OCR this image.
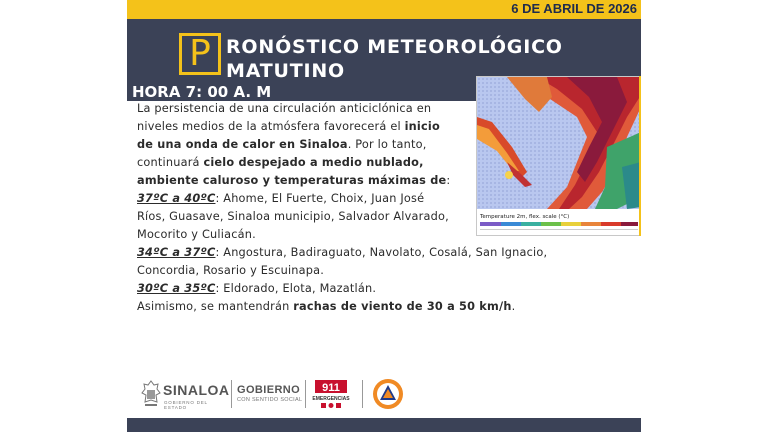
6 DE ABRIL DE 2026
P RONÓSTICO METEOROLÓGICO
MATUTINO
HORA 7: 00 A. M
Temperature 2m, flex. scale (°C)
La persistencia de una circulación anticiclónica en
niveles medios de la atmósfera favorecerá el inicio
de una onda de calor en Sinaloa. Por lo tanto,
continuará cielo despejado a medio nublado,
ambiente caluroso y temperaturas máximas de:
37ºC a 40ºC: Ahome, El Fuerte, Choix, Juan José
Ríos, Guasave, Sinaloa municipio, Salvador Alvarado,
Mocorito y Culiacán.
34ºC a 37ºC: Angostura, Badiraguato, Navolato, Cosalá, San Ignacio,
Concordia, Rosario y Escuinapa.
30ºC a 35ºC: Eldorado, Elota, Mazatlán.
Asimismo, se mantendrán rachas de viento de 30 a 50 km/h.
SINALOA
GOBIERNO DEL ESTADO
GOBIERNO
CON SENTIDO SOCIAL
911
EMERGENCIAS
